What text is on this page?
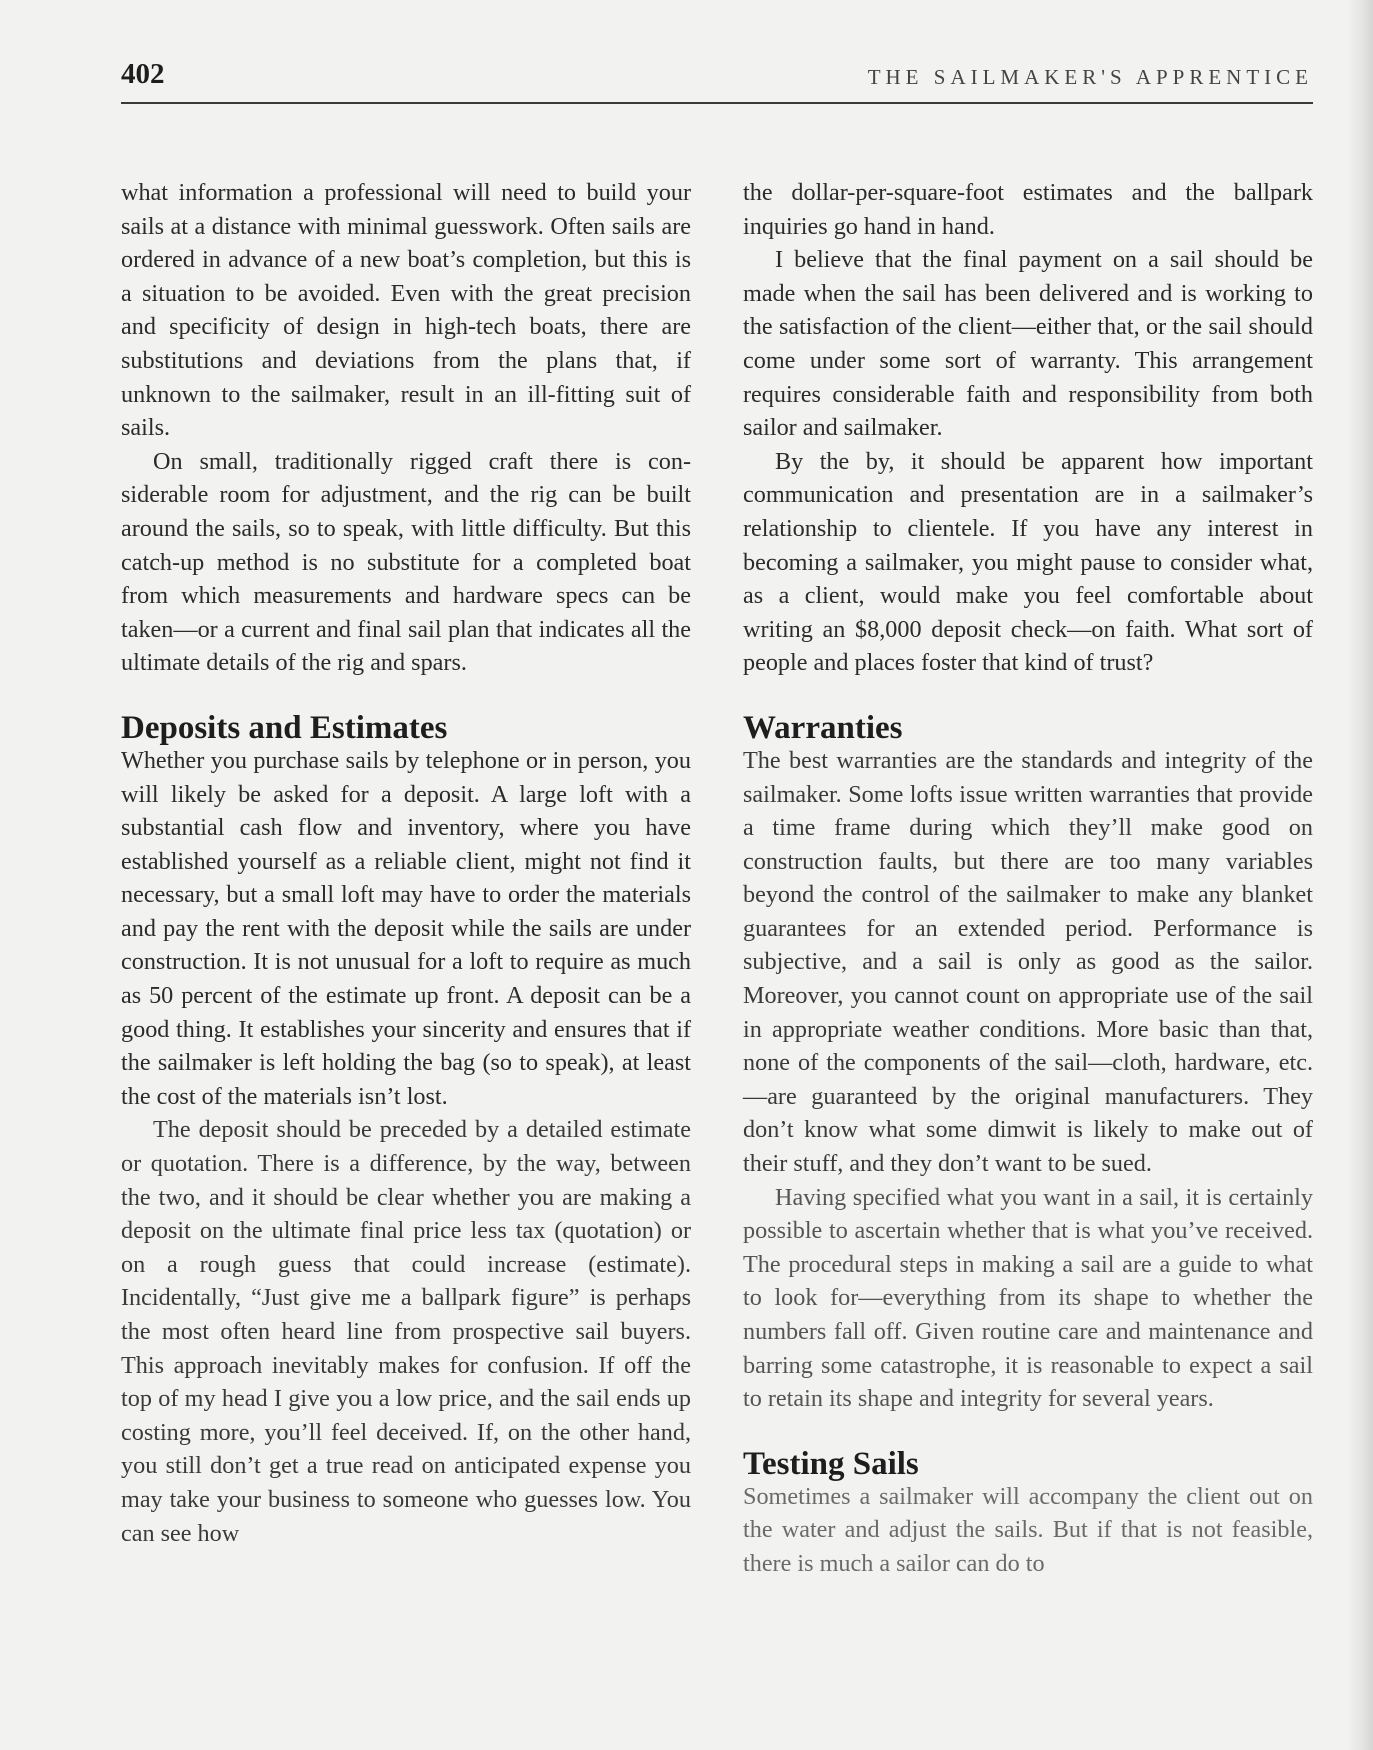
402	THE SAILMAKER'S APPRENTICE

what information a professional will need to build your sails at a distance with minimal guesswork. Often sails are ordered in advance of a new boat’s completion, but this is a situation to be avoided. Even with the great precision and specificity of design in high-tech boats, there are substitutions and deviations from the plans that, if unknown to the sailmaker, result in an ill-fitting suit of sails.

On small, traditionally rigged craft there is considerable room for adjustment, and the rig can be built around the sails, so to speak, with little difficulty. But this catch-up method is no substitute for a completed boat from which measurements and hardware specs can be taken—or a current and final sail plan that indicates all the ultimate details of the rig and spars.

Deposits and Estimates

Whether you purchase sails by telephone or in person, you will likely be asked for a deposit. A large loft with a substantial cash flow and inventory, where you have established yourself as a reliable client, might not find it necessary, but a small loft may have to order the materials and pay the rent with the deposit while the sails are under construction. It is not unusual for a loft to require as much as 50 percent of the estimate up front. A deposit can be a good thing. It establishes your sincerity and ensures that if the sailmaker is left holding the bag (so to speak), at least the cost of the materials isn’t lost.

The deposit should be preceded by a detailed estimate or quotation. There is a difference, by the way, between the two, and it should be clear whether you are making a deposit on the ultimate final price less tax (quotation) or on a rough guess that could increase (estimate). Incidentally, “Just give me a ballpark figure” is perhaps the most often heard line from prospective sail buyers. This approach inevitably makes for confusion. If off the top of my head I give you a low price, and the sail ends up costing more, you’ll feel deceived. If, on the other hand, you still don’t get a true read on anticipated expense you may take your business to someone who guesses low. You can see how

the dollar-per-square-foot estimates and the ballpark inquiries go hand in hand.

I believe that the final payment on a sail should be made when the sail has been delivered and is working to the satisfaction of the client—either that, or the sail should come under some sort of warranty. This arrangement requires considerable faith and responsibility from both sailor and sailmaker.

By the by, it should be apparent how important communication and presentation are in a sailmaker’s relationship to clientele. If you have any interest in becoming a sailmaker, you might pause to consider what, as a client, would make you feel comfortable about writing an $8,000 deposit check—on faith. What sort of people and places foster that kind of trust?

Warranties

The best warranties are the standards and integrity of the sailmaker. Some lofts issue written warranties that provide a time frame during which they’ll make good on construction faults, but there are too many variables beyond the control of the sailmaker to make any blanket guarantees for an extended period. Performance is subjective, and a sail is only as good as the sailor. Moreover, you cannot count on appropriate use of the sail in appropriate weather conditions. More basic than that, none of the components of the sail—cloth, hardware, etc.—are guaranteed by the original manufacturers. They don’t know what some dimwit is likely to make out of their stuff, and they don’t want to be sued.

Having specified what you want in a sail, it is certainly possible to ascertain whether that is what you’ve received. The procedural steps in making a sail are a guide to what to look for—everything from its shape to whether the numbers fall off. Given routine care and maintenance and barring some catastrophe, it is reasonable to expect a sail to retain its shape and integrity for several years.

Testing Sails

Sometimes a sailmaker will accompany the client out on the water and adjust the sails. But if that is not feasible, there is much a sailor can do to
